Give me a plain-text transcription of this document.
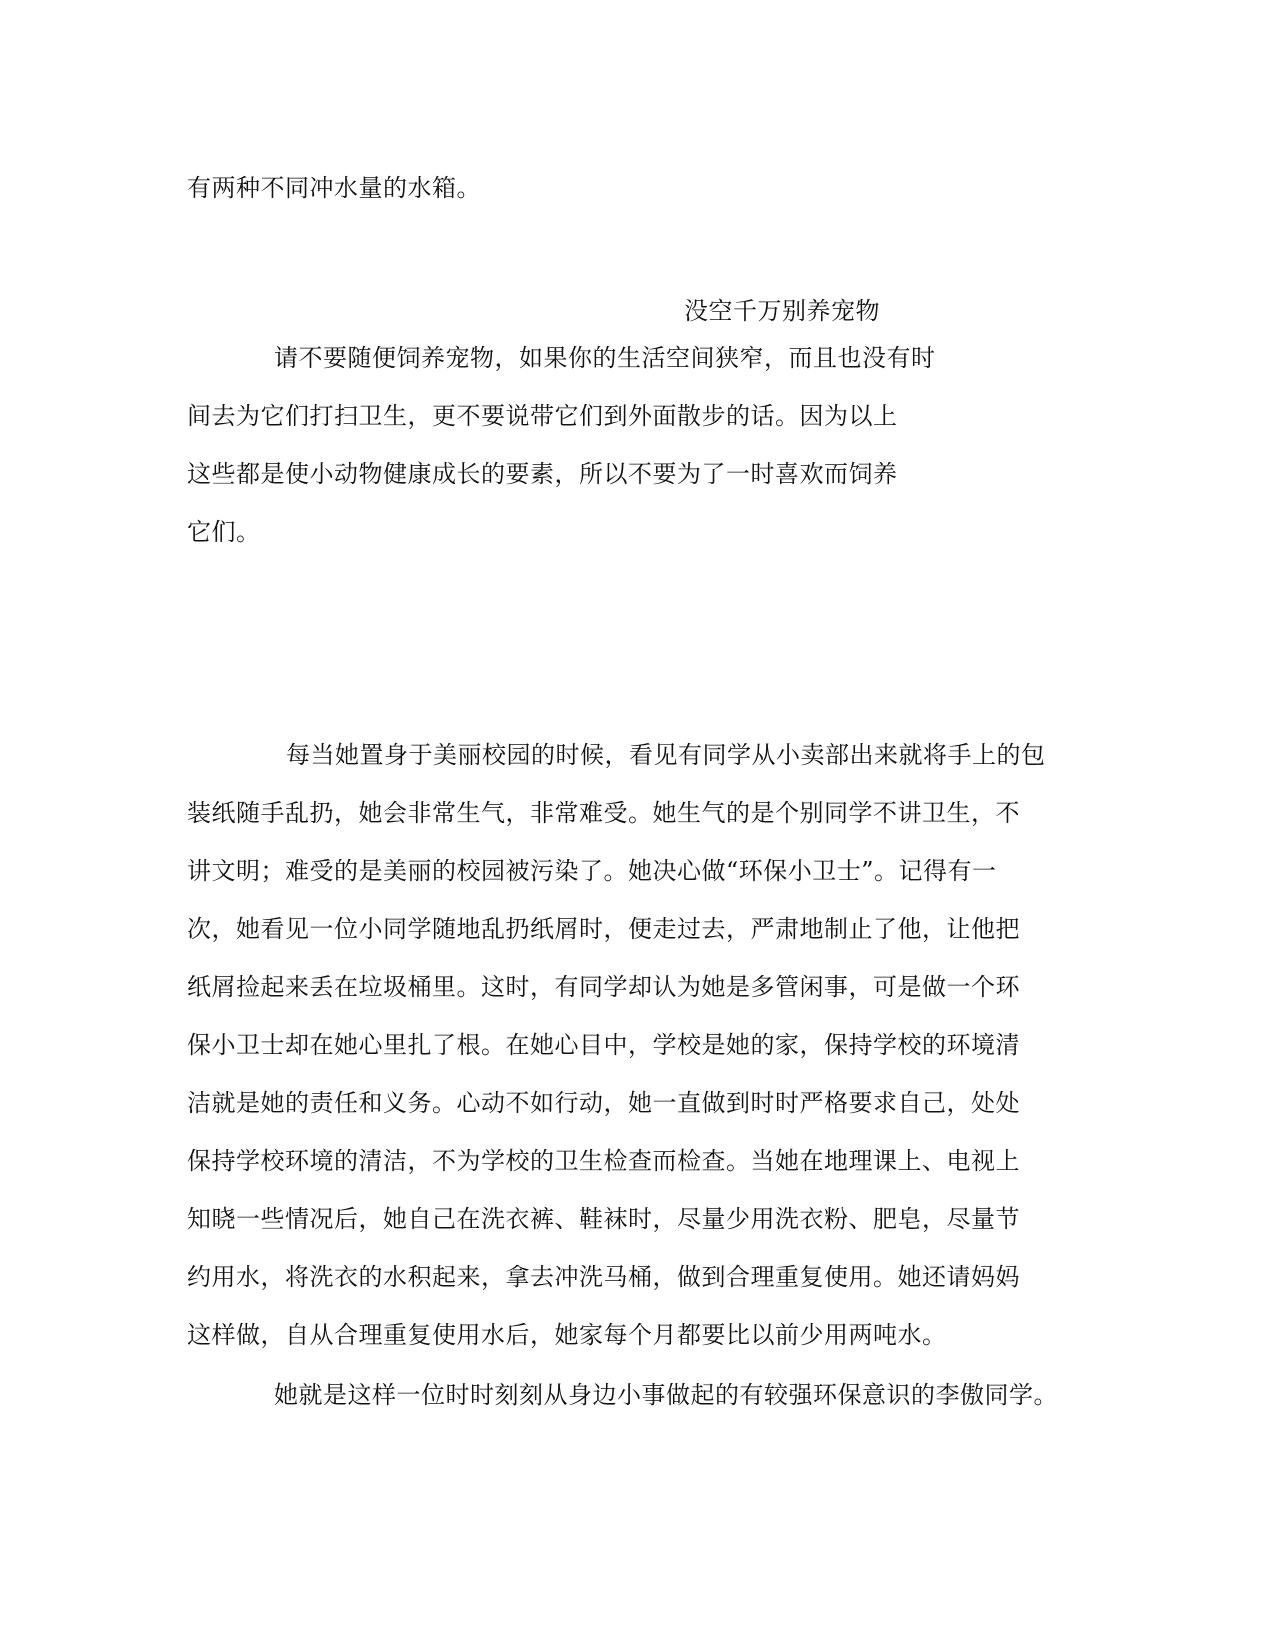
有两种不同冲水量的水箱。
没空千万别养宠物
请不要随便饲养宠物，如果你的生活空间狭窄，而且也没有时
间去为它们打扫卫生，更不要说带它们到外面散步的话。因为以上
这些都是使小动物健康成长的要素，所以不要为了一时喜欢而饲养
它们。
每当她置身于美丽校园的时候，看见有同学从小卖部出来就将手上的包
装纸随手乱扔，她会非常生气，非常难受。她生气的是个别同学不讲卫生，不
讲文明；难受的是美丽的校园被污染了。她决心做“环保小卫士”。记得有一
次，她看见一位小同学随地乱扔纸屑时，便走过去，严肃地制止了他，让他把
纸屑捡起来丢在垃圾桶里。这时，有同学却认为她是多管闲事，可是做一个环
保小卫士却在她心里扎了根。在她心目中，学校是她的家，保持学校的环境清
洁就是她的责任和义务。心动不如行动，她一直做到时时严格要求自己，处处
保持学校环境的清洁，不为学校的卫生检查而检查。当她在地理课上、电视上
知晓一些情况后，她自己在洗衣裤、鞋袜时，尽量少用洗衣粉、肥皂，尽量节
约用水，将洗衣的水积起来，拿去冲洗马桶，做到合理重复使用。她还请妈妈
这样做，自从合理重复使用水后，她家每个月都要比以前少用两吨水。
她就是这样一位时时刻刻从身边小事做起的有较强环保意识的李傲同学。
